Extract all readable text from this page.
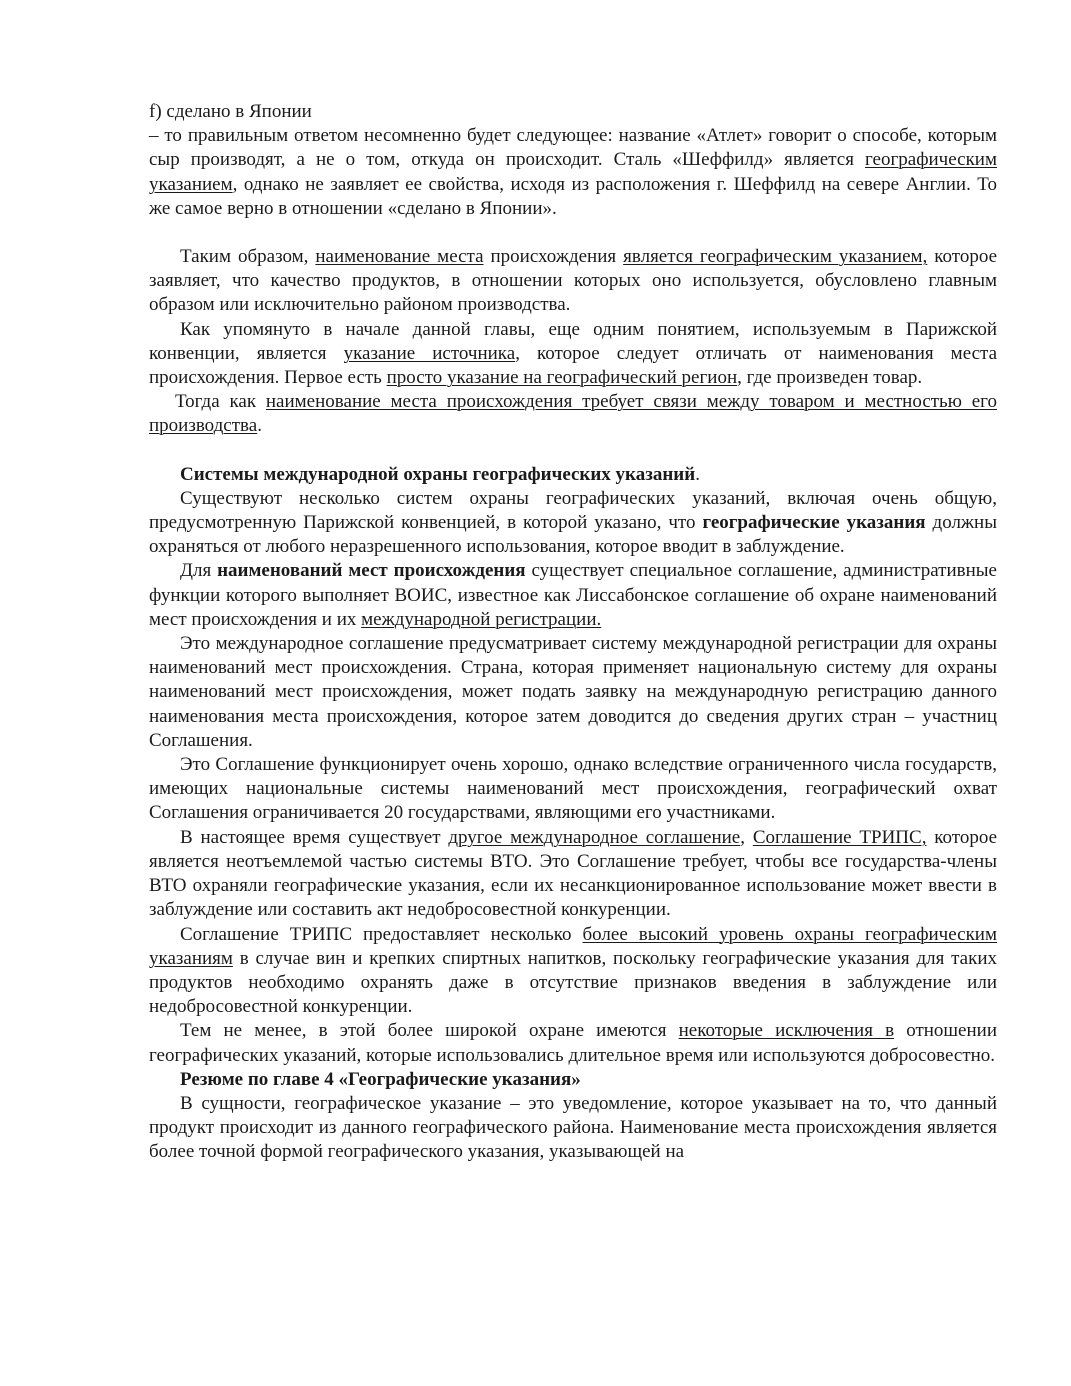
f) сделано в Японии

– то правильным ответом несомненно будет следующее: название «Атлет» говорит о способе, которым сыр производят, а не о том, откуда он происходит. Сталь «Шеффилд» является географическим указанием, однако не заявляет ее свойства, исходя из расположения г. Шеффилд на севере Англии. То же самое верно в отношении «сделано в Японии».

Таким образом, наименование места происхождения является географическим указанием, которое заявляет, что качество продуктов, в отношении которых оно используется, обусловлено главным образом или исключительно районом производства.

Как упомянуто в начале данной главы, еще одним понятием, используемым в Парижской конвенции, является указание источника, которое следует отличать от наименования места происхождения. Первое есть просто указание на географический регион, где произведен товар.

Тогда как наименование места происхождения требует связи между товаром и местностью его производства.

Системы международной охраны географических указаний.

Существуют несколько систем охраны географических указаний, включая очень общую, предусмотренную Парижской конвенцией, в которой указано, что географические указания должны охраняться от любого неразрешенного использования, которое вводит в заблуждение.

Для наименований мест происхождения существует специальное соглашение, административные функции которого выполняет ВОИС, известное как Лиссабонское соглашение об охране наименований мест происхождения и их международной регистрации.

Это международное соглашение предусматривает систему международной регистрации для охраны наименований мест происхождения. Страна, которая применяет национальную систему для охраны наименований мест происхождения, может подать заявку на международную регистрацию данного наименования места происхождения, которое затем доводится до сведения других стран – участниц Соглашения.

Это Соглашение функционирует очень хорошо, однако вследствие ограниченного числа государств, имеющих национальные системы наименований мест происхождения, географический охват Соглашения ограничивается 20 государствами, являющими его участниками.

В настоящее время существует другое международное соглашение, Соглашение ТРИПС, которое является неотъемлемой частью системы ВТО. Это Соглашение требует, чтобы все государства-члены ВТО охраняли географические указания, если их несанкционированное использование может ввести в заблуждение или составить акт недобросовестной конкуренции.

Соглашение ТРИПС предоставляет несколько более высокий уровень охраны географическим указаниям в случае вин и крепких спиртных напитков, поскольку географические указания для таких продуктов необходимо охранять даже в отсутствие признаков введения в заблуждение или недобросовестной конкуренции.

Тем не менее, в этой более широкой охране имеются некоторые исключения в отношении географических указаний, которые использовались длительное время или используются добросовестно.

Резюме по главе 4 «Географические указания»

В сущности, географическое указание – это уведомление, которое указывает на то, что данный продукт происходит из данного географического района. Наименование места происхождения является более точной формой географического указания, указывающей на
